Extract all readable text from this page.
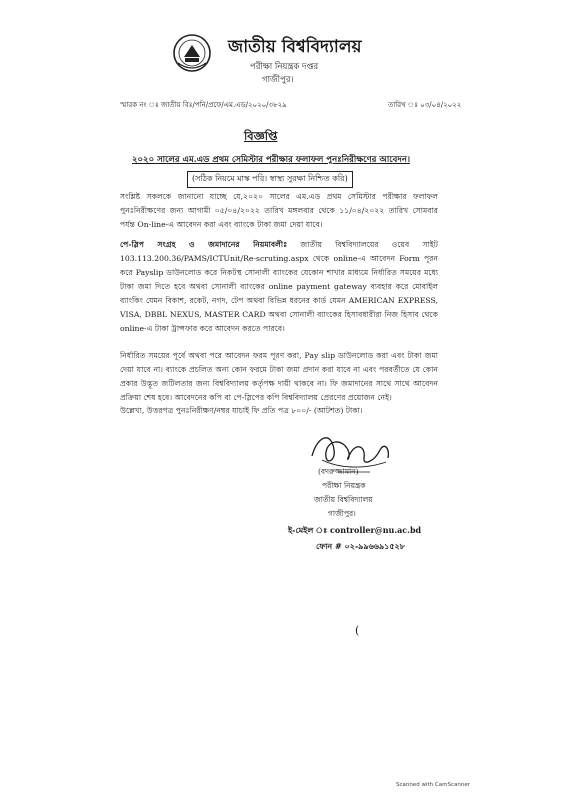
জাতীয় বিশ্ববিদ্যালয়
পরীক্ষা নিয়ন্ত্রক দপ্তর
গাজীপুর।
স্মারক নং ঃ জাতীয় বিঃ/পনি/প্রফে/এম.এড/২০২০/৩৮২৯	তারিখ ঃ ০৩/০৪/২০২২
বিজ্ঞপ্তি
২০২০ সালের এম.এড প্রথম সেমিস্টার পরীক্ষার ফলাফল পুনঃনিরীক্ষণের আবেদন।
(সঠিক নিয়মে মাস্ক পরি। স্বাস্থ্য সুরক্ষা নিশ্চিত করি)
সংশ্লিষ্ট সকলকে জানানো যাচ্ছে যে,২০২০ সালের এম.এড প্রথম সেমিস্টার পরীক্ষার ফলাফল পুনঃনিরীক্ষণের জন্য আগামী ০৫/০৪/২০২২ তারিখ মঙ্গলবার থেকে ১১/০৪/২০২২ তারিখ সোমবার পর্যন্ত On-line-এ আবেদন করা এবং ব্যাংকে টাকা জমা দেয়া যাবে।
পে-স্লিপ সংগ্রহ ও জমাদানের নিয়মাবলীঃ জাতীয় বিশ্ববিদ্যালয়ের ওয়েব সাইট 103.113.200.36/PAMS/ICTUnit/Re-scruting.aspx থেকে online-এ আবেদন Form পূরন করে Payslip ডাউনলোড করে নিকটস্থ সোনালী ব্যাংকের যেকোন শাখার মাধ্যমে নির্ধারিত সময়ের মধ্যে টাকা জমা দিতে হবে অথবা সোনালী ব্যাংকের online payment gateway ব্যবহার করে মোবাইল ব্যাংকিং যেমন বিকাশ, রকেট, নগদ, টেপ অথবা বিভিন্ন ধরনের কার্ড যেমন AMERICAN EXPRESS, VISA, DBBL NEXUS, MASTER CARD অথবা সোনালী ব্যাংকের হিসাবধারীরা নিজ হিসাব থেকে online-এ টাকা ট্রান্সফার করে আবেদন করতে পারবে।
নির্ধারিত সময়ের পূর্বে অথবা পরে আবেদন ফরম পূরণ করা, Pay slip ডাউনলোড করা এবং টাকা জমা দেয়া যাবে না। ব্যাংকে প্রচলিত অন্য কোন ফরমে টাকা জমা প্রদান করা যাবে না এবং পরবর্তীতে যে কোন প্রকার উদ্ভূত জটিলতার জন্য বিশ্ববিদ্যালয় কর্তৃপক্ষ দায়ী থাকবে না। ফি জমাদানের সাথে সাথে আবেদন প্রক্রিয়া শেষ হবে। আবেদনের কপি বা পে-স্লিপের কপি বিশ্ববিদ্যালয় প্রেরণের প্রয়োজন নেই।
উল্লেখ্য, উত্তরপত্র পুনঃনিরীক্ষণ/নম্বর যাচাই ফি প্রতি পত্র ৮০০/- (আটশত) টাকা।
(বদরুজ্জামান)
পরীক্ষা নিয়ন্ত্রক
জাতীয় বিশ্ববিদ্যালয়
গাজীপুর।
ই-মেইল ঃ controller@nu.ac.bd
ফোন # ০২-৯৯৬৬৯১৫২৮
(
Scanned with CamScanner
